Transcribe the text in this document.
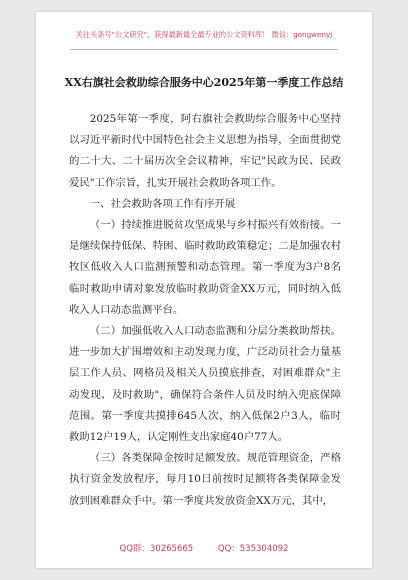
关注头条号"公文研究"，获得最新最全最专业的公文资料库！ 微信：gongwenyj
XX右旗社会救助综合服务中心2025年第一季度工作总结

2025年第一季度，阿右旗社会救助综合服务中心坚持以习近平新时代中国特色社会主义思想为指导，全面贯彻党的二十大、二十届历次全会议精神，牢记"民政为民、民政爱民"工作宗旨，扎实开展社会救助各项工作。

一、社会救助各项工作有序开展

（一）持续推进脱贫攻坚成果与乡村振兴有效衔接。一是继续保持低保、特困、临时救助政策稳定；二是加强农村牧区低收入人口监测预警和动态管理。第一季度为3户8名临时救助申请对象发放临时救助资金XX万元，同时纳入低收入人口动态监测平台。

（二）加强低收入人口动态监测和分层分类救助帮扶。进一步加大扩围增效和主动发现力度，广泛动员社会力量基层工作人员、网格员及相关人员摸底排查，对困难群众"主动发现、及时救助"，确保符合条件人员及时纳入兜底保障范围。第一季度共摸排645人次，纳入低保2户3人，临时救助12户19人，认定刚性支出家庭40户77人。

（三）各类保障金按时足额发放。规范管理资金，严格执行资金发放程序，每月10日前按时足额将各类保障金发放到困难群众手中。第一季度共发放资金XX万元，其中，

QQ群：30265665	QQ：535304092
